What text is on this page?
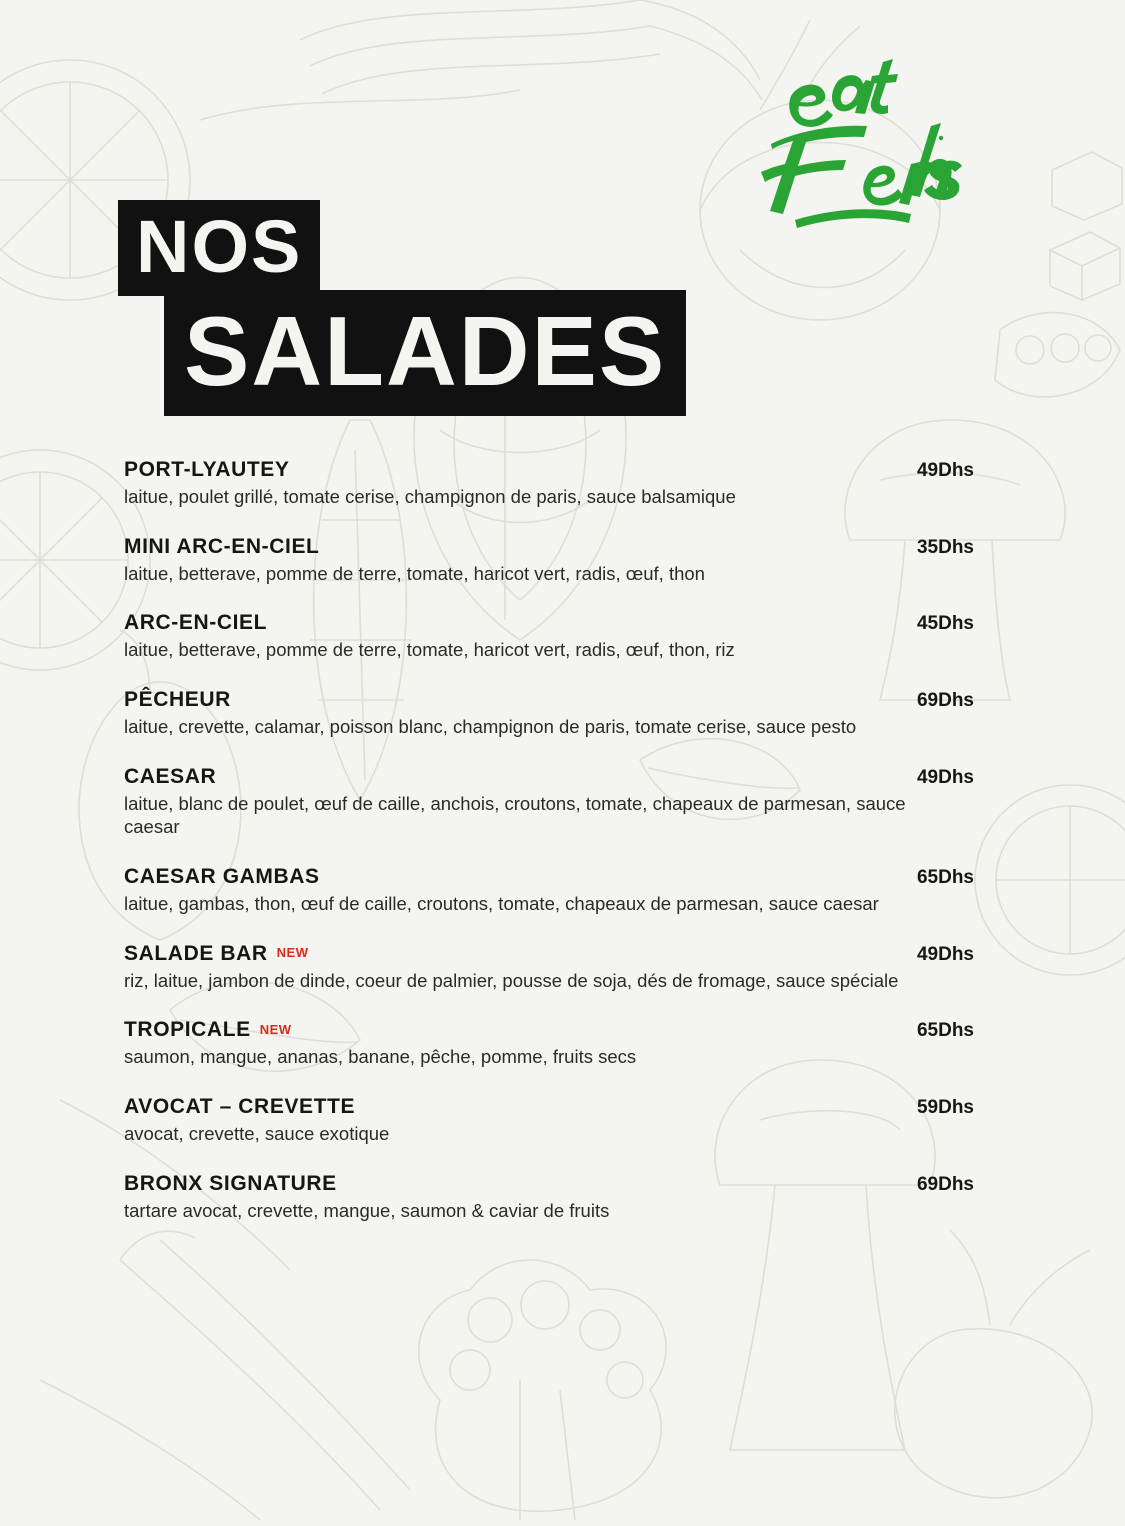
NOS
SALADES
PORT-LYAUTEY	49Dhs
laitue, poulet grillé, tomate cerise, champignon de paris, sauce balsamique
MINI ARC-EN-CIEL	35Dhs
laitue, betterave, pomme de terre, tomate, haricot vert, radis, œuf, thon
ARC-EN-CIEL	45Dhs
laitue, betterave, pomme de terre, tomate, haricot vert, radis, œuf, thon, riz
PÊCHEUR	69Dhs
laitue, crevette, calamar, poisson blanc, champignon de paris, tomate cerise, sauce pesto
CAESAR	49Dhs
laitue, blanc de poulet, œuf de caille, anchois, croutons, tomate, chapeaux de parmesan, sauce caesar
CAESAR GAMBAS	65Dhs
laitue, gambas, thon, œuf de caille, croutons, tomate, chapeaux de parmesan, sauce caesar
SALADE BAR NEW	49Dhs
riz, laitue, jambon de dinde, coeur de palmier, pousse de soja, dés de fromage, sauce spéciale
TROPICALE NEW	65Dhs
saumon, mangue, ananas, banane, pêche, pomme, fruits secs
AVOCAT – CREVETTE	59Dhs
avocat, crevette, sauce exotique
BRONX SIGNATURE	69Dhs
tartare avocat, crevette, mangue, saumon & caviar de fruits
